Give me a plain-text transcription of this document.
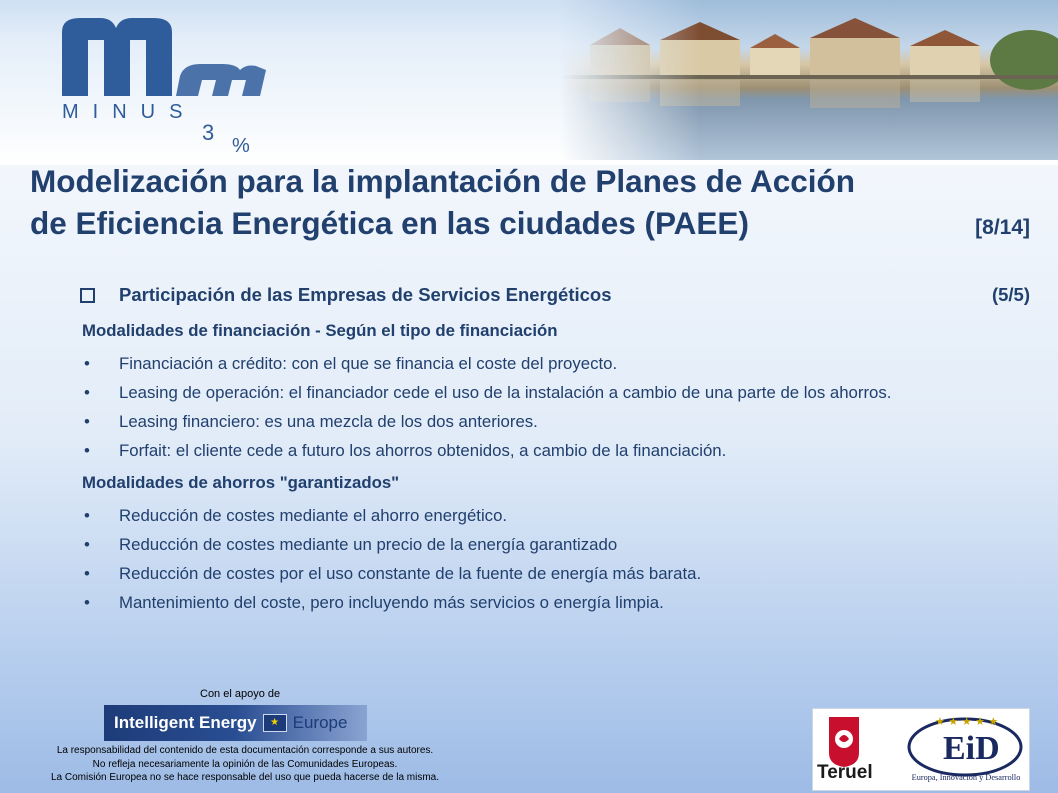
MINUS
3
%
Modelización para la implantación de Planes de Acción
de Eficiencia Energética en las ciudades (PAEE)	[8/14]
Participación de las Empresas de Servicios Energéticos	(5/5)
Modalidades de financiación - Según el tipo de financiación
• Financiación a crédito: con el que se financia el coste del proyecto.
• Leasing de operación: el financiador cede el uso de la instalación a cambio de una parte de los ahorros.
• Leasing financiero: es una mezcla de los dos anteriores.
• Forfait: el cliente cede a futuro los ahorros obtenidos, a cambio de la financiación.
Modalidades de ahorros "garantizados"
• Reducción de costes mediante el ahorro energético.
• Reducción de costes mediante un precio de la energía garantizado
• Reducción de costes por el uso constante de la fuente de energía más barata.
• Mantenimiento del coste, pero incluyendo más servicios o energía limpia.
Con el apoyo de
Intelligent Energy	★ Europe
La responsabilidad del contenido de esta documentación corresponde a sus autores.
No refleja necesariamente la opinión de las Comunidades Europeas.
La Comisión Europea no se hace responsable del uso que pueda hacerse de la misma.	Teruel
EiD
★ ★ ★ ★ ★
Europa, Innovación y Desarrollo
